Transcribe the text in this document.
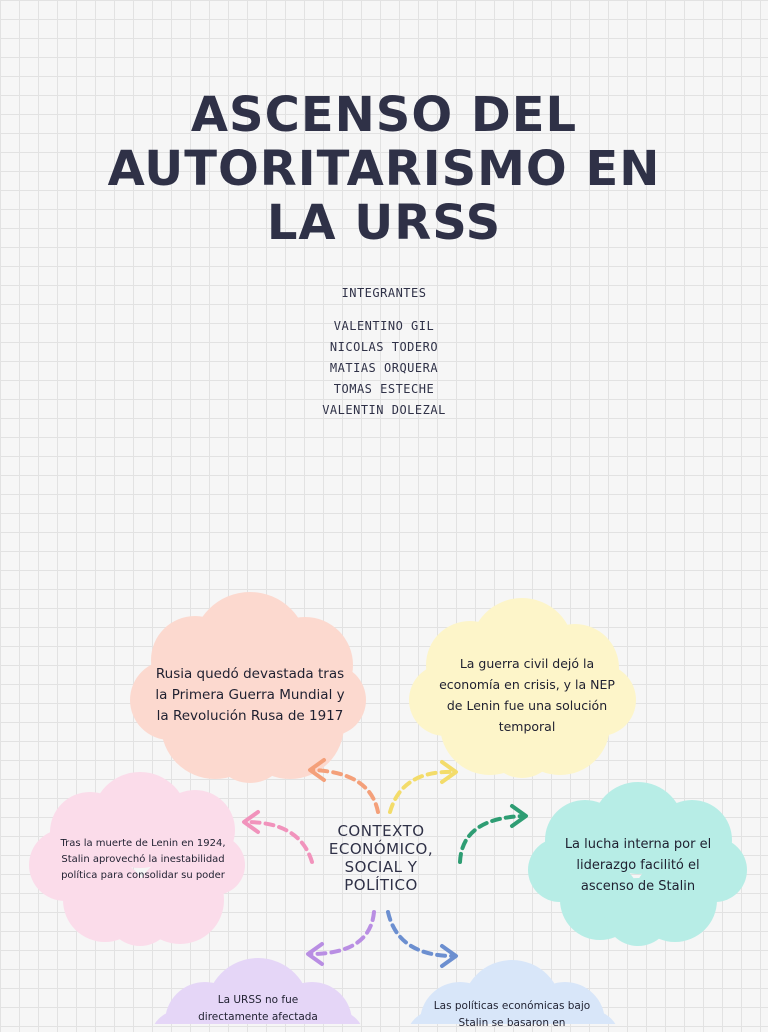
ASCENSO DEL AUTORITARISMO EN LA URSS
INTEGRANTES
VALENTINO GIL
NICOLAS TODERO
MATIAS ORQUERA
TOMAS ESTECHE
VALENTIN DOLEZAL
Rusia quedó devastada tras la Primera Guerra Mundial y la Revolución Rusa de 1917
La guerra civil dejó la economía en crisis, y la NEP de Lenin fue una solución temporal
Tras la muerte de Lenin en 1924, Stalin aprovechó la inestabilidad política para consolidar su poder
La lucha interna por el liderazgo facilitó el ascenso de Stalin
La URSS no fue directamente afectada
Las políticas económicas bajo Stalin se basaron en
CONTEXTO ECONÓMICO, SOCIAL Y POLÍTICO
